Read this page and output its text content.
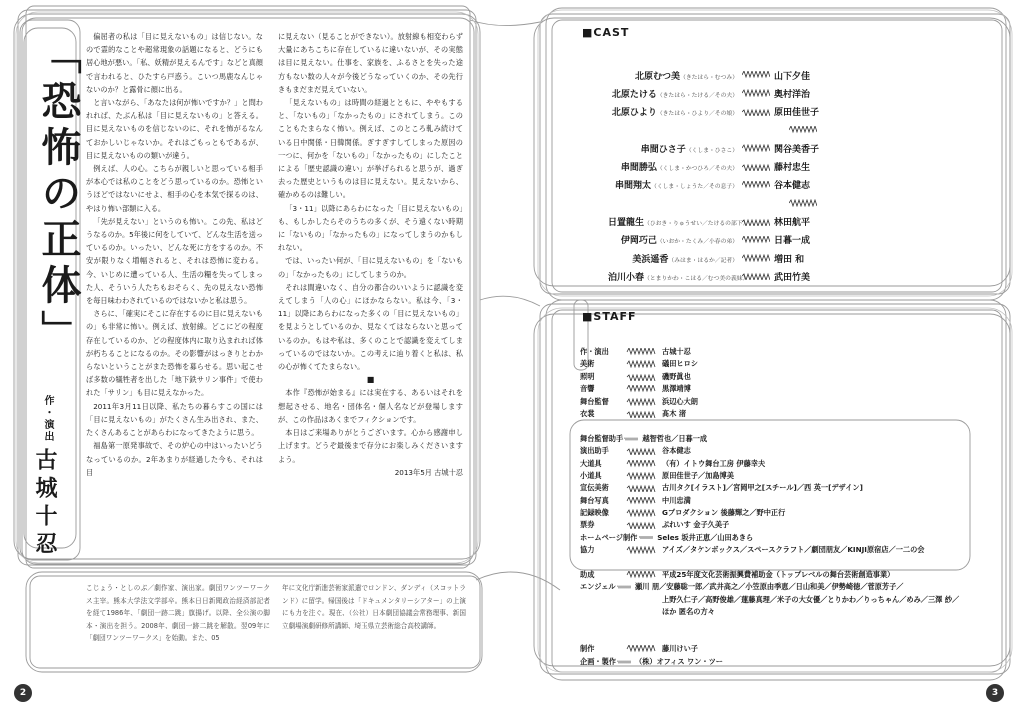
「恐怖の正体」
作・演出
古城十忍

偏屈者の私は「目に見えないもの」は信じない。なので霊的なことや超常現象の話題になると、どうにも居心地が悪い。「私、妖精が見えるんです」などと真顔で言われると、ひたすら戸惑う。こいつ馬鹿なんじゃないのか？と露骨に顔に出る。

と言いながら、「あなたは何が怖いですか？」と問われれば、たぶん私は「目に見えないもの」と答える。目に見えないものを信じないのに、それを怖がるなんておかしいじゃないか。それはごもっともであるが、目に見えないものの類いが違う。

例えば、人の心。こちらが親しいと思っている相手が本心では私のことをどう思っているのか。恐怖というほどではないにせよ、相手の心を本気で探るのは、やはり怖い部類に入る。

「先が見えない」というのも怖い。この先、私はどうなるのか。5年後に何をしていて、どんな生活を送っているのか。いったい、どんな死に方をするのか。不安が限りなく増幅されると、それは恐怖に変わる。今、いじめに遭っている人、生活の糧を失ってしまった人、そういう人たちもおそらく、先の見えない恐怖を毎日味わわされているのではないかと私は思う。

さらに、「確実にそこに存在するのに目に見えないもの」も非常に怖い。例えば、放射線。どこにどの程度存在しているのか、どの程度体内に取り込まれれば体が朽ちることになるのか。その影響がはっきりとわからないということがまた恐怖を募らせる。思い起こせば多数の犠牲者を出した「地下鉄サリン事件」で使われた「サリン」も目に見えなかった。

2011年3月11日以降、私たちの暮らすこの国には「目に見えないもの」がたくさん生み出され、また、たくさんあることがあらわになってきたように思う。

福島第一原発事故で、その炉心の中はいったいどうなっているのか。2年あまりが経過した今も、それは目

に見えない（見ることができない）。放射線も相変わらず大量にあちこちに存在しているに違いないが、その実態は目に見えない。仕事を、家族を、ふるさとを失った途方もない数の人々が今後どうなっていくのか、その先行きもまだまだ見えていない。

「見えないもの」は時間の経過とともに、ややもすると、「ないもの」「なかったもの」にされてしまう。このこともたまらなく怖い。例えば、このところ軋み続けている日中関係・日韓関係。ぎすぎすしてしまった原因の一つに、何かを「ないもの」「なかったもの」にしたことによる「歴史認識の違い」が挙げられると思うが、過ぎ去った歴史というものは目に見えない。見えないから、確かめるのは難しい。

「3・11」以降にあらわになった「目に見えないもの」も、もしかしたらそのうちの多くが、そう遠くない時期に「ないもの」「なかったもの」になってしまうのかもしれない。

では、いったい何が、「目に見えないもの」を「ないもの」「なかったもの」にしてしまうのか。

それは間違いなく、自分の都合のいいように認識を変えてしまう「人の心」にほかならない。私は今、「3・11」以降にあらわになった多くの「目に見えないもの」を見ようとしているのか、見なくてはならないと思っているのか。もはや私は、多くのことで認識を変えてしまっているのではないか。この考えに辿り着くと私は、私の心が怖くてたまらない。

■

本作『恐怖が始まる』には実在する、あるいはそれを想起させる、地名・団体名・個人名などが登場しますが、この作品はあくまでフィクションです。

本日はご来場ありがとうございます。心から感謝申し上げます。どうぞ最後まで存分にお楽しみくださいますよう。

2013年5月 古城十忍
こじょう・としのぶ／劇作家、演出家。劇団ワンツーワークス主宰。熊本大学法文学部卒。熊本日日新聞政治経済部記者を経て1986年、「劇団一跡二跳」旗揚げ。以降、全公演の脚本・演出を担う。2008年、劇団一跡二跳を解散。翌09年に「劇団ワンツーワークス」を始動。また、05
年に文化庁新進芸術家派遣でロンドン、ダンディ（スコットランド）に留学。帰国後は「ドキュメンタリーシアター」の上演にも力を注ぐ。現在、（公社）日本劇団協議会常務理事、新国立劇場演劇研修所講師、埼玉県立芸術総合高校講師。
2	3
■CAST
北原むつ美（きたはら・むつみ）	山下夕佳
北原たける（きたはら・たける／その夫）	奥村洋治
北原ひより（きたはら・ひより／その娘）	原田佳世子
串間ひさ子（くしま・ひさこ）	関谷美香子
串間勝弘（くしま・かつひろ／その夫）	藤村忠生
串間翔太（くしま・しょうた／その息子）	谷本健志
日置龍生（ひおき・りゅうせい／たけるの部下）	林田航平
伊岡巧己（いおか・たくみ／小春の弟）	日暮一成
美浜遥香（みはま・はるか／記者）	増田 和
泊川小春（とまりかわ・こはる／むつ美の義妹）	武田竹美
■STAFF
作・演出	古城十忍
美術	礒田ヒロシ
照明	磯野眞也
音響	黒澤靖博
舞台監督	浜辺心大朗
衣裳	髙木 渚
舞台監督助手	越智哲也／日暮一成
演出助手	谷本健志
大道具	（有）イトウ舞台工房 伊藤幸夫
小道具	原田佳世子／加島博美
宣伝美術	古川タク[イラスト]／宮岡甲之[スチール]／西 英一[デザイン]
舞台写真	中川忠満
記録映像	Gプロダクション 後藤輝之／野中正行
票券	ぷれいす 金子久美子
ホームページ制作	Seles 坂井正恵／山田あきら
協力	アイズ／タケンボックス／スペースクラフト／劇団朋友／KINJI原宿店／一二の会
助成	平成25年度文化芸術振興費補助金（トップレベルの舞台芸術創造事業）
エンジェル	瀬川 朋／安藤聡一郎／武井高之／小笠原由季恵／日山和美／伊勢崎徳／菅原芳子／
上野久仁子／高野俊雄／蓮藤真理／米子の大女優／とりかわ／りっちゃん／めみ／三澤 紗／
ほか 匿名の方々
制作	藤川けい子
企画・製作	（株）オフィス ワン・ツー
